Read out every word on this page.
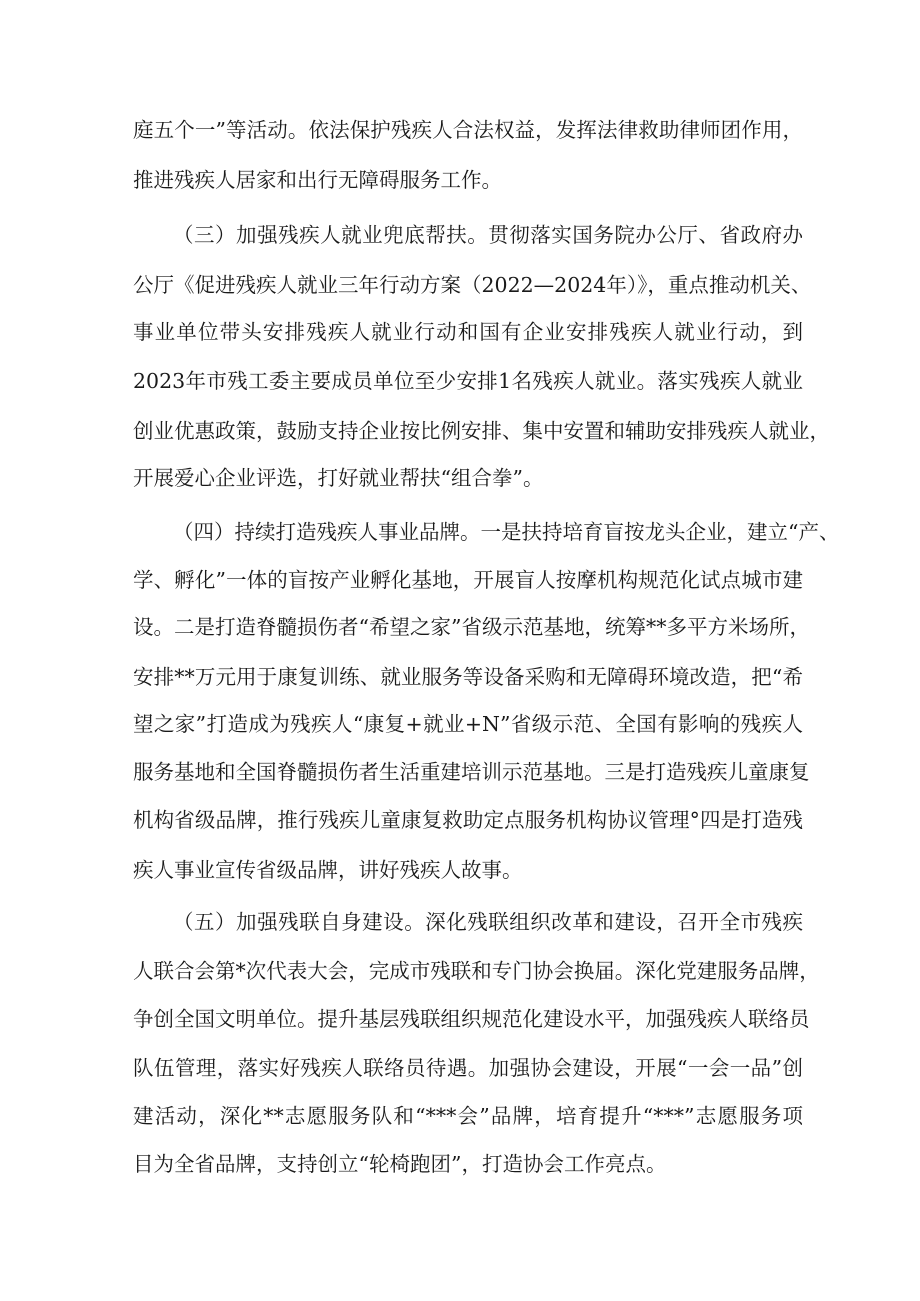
庭五个一”等活动。依法保护残疾人合法权益，发挥法律救助律师团作用，
推进残疾人居家和出行无障碍服务工作。
（三）加强残疾人就业兜底帮扶。贯彻落实国务院办公厅、省政府办
公厅《促进残疾人就业三年行动方案（2022—2024年）》，重点推动机关、
事业单位带头安排残疾人就业行动和国有企业安排残疾人就业行动，到
2023年市残工委主要成员单位至少安排1名残疾人就业。落实残疾人就业
创业优惠政策，鼓励支持企业按比例安排、集中安置和辅助安排残疾人就业，
开展爱心企业评选，打好就业帮扶“组合拳”。
（四）持续打造残疾人事业品牌。一是扶持培育盲按龙头企业，建立“产、
学、孵化”一体的盲按产业孵化基地，开展盲人按摩机构规范化试点城市建
设。二是打造脊髓损伤者“希望之家”省级示范基地，统筹**多平方米场所，
安排**万元用于康复训练、就业服务等设备采购和无障碍环境改造，把“希
望之家”打造成为残疾人“康复+就业+N”省级示范、全国有影响的残疾人
服务基地和全国脊髓损伤者生活重建培训示范基地。三是打造残疾儿童康复
机构省级品牌，推行残疾儿童康复救助定点服务机构协议管理°四是打造残
疾人事业宣传省级品牌，讲好残疾人故事。
（五）加强残联自身建设。深化残联组织改革和建设，召开全市残疾
人联合会第*次代表大会，完成市残联和专门协会换届。深化党建服务品牌，
争创全国文明单位。提升基层残联组织规范化建设水平，加强残疾人联络员
队伍管理，落实好残疾人联络员待遇。加强协会建设，开展“一会一品”创
建活动，深化**志愿服务队和“***会”品牌，培育提升“***”志愿服务项
目为全省品牌，支持创立“轮椅跑团”，打造协会工作亮点。
